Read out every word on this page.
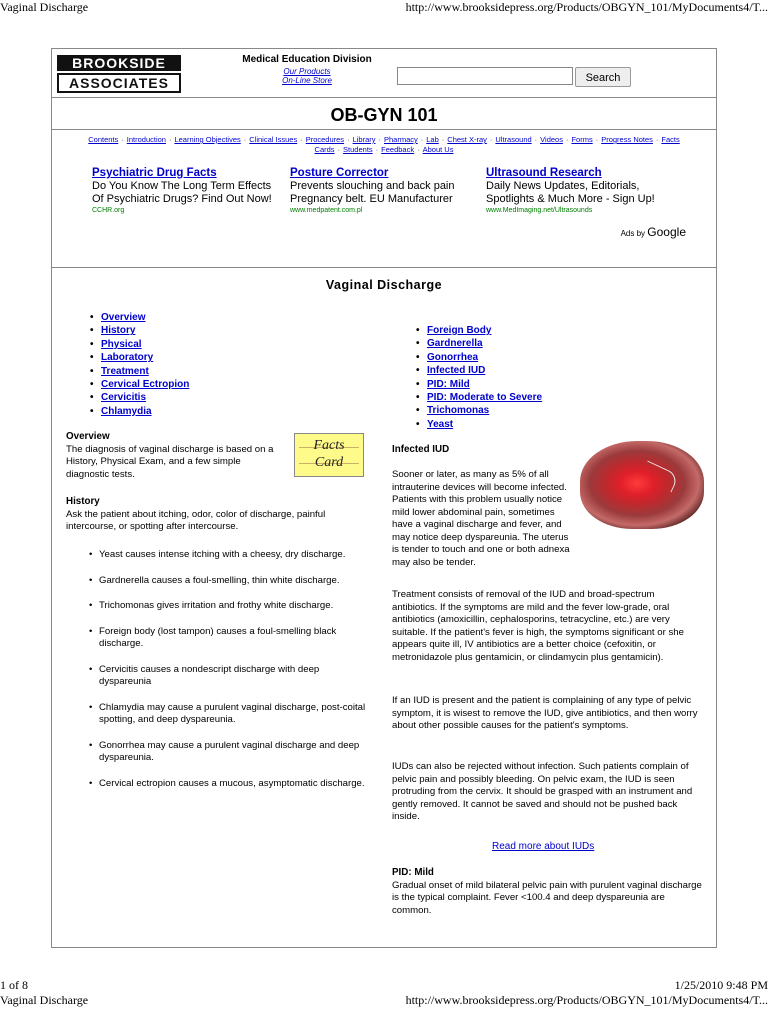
Vaginal Discharge	http://www.brooksidepress.org/Products/OBGYN_101/MyDocuments4/T...
BROOKSIDE
ASSOCIATES
Medical Education Division
Our Products
On-Line Store	Search
OB-GYN 101
Contents · Introduction · Learning Objectives · Clinical Issues · Procedures · Library · Pharmacy · Lab · Chest X-ray · Ultrasound · Videos · Forms · Progress Notes · Facts Cards · Students · Feedback · About Us
Psychiatric Drug Facts
Do You Know The Long Term Effects Of Psychiatric Drugs? Find Out Now!
CCHR.org
Posture Corrector
Prevents slouching and back pain Pregnancy belt. EU Manufacturer
www.medpatent.com.pl
Ultrasound Research
Daily News Updates, Editorials, Spotlights & Much More - Sign Up!
www.MedImaging.net/Ultrasounds
Ads by Google
Vaginal Discharge
• Overview
• History
• Physical
• Laboratory
• Treatment
• Cervical Ectropion
• Cervicitis
• Chlamydia
• Foreign Body
• Gardnerella
• Gonorrhea
• Infected IUD
• PID: Mild
• PID: Moderate to Severe
• Trichomonas
• Yeast
Overview

The diagnosis of vaginal discharge is based on a History, Physical Exam, and a few simple diagnostic tests.

Facts
Card
History

Ask the patient about itching, odor, color of discharge, painful intercourse, or spotting after intercourse.

• Yeast causes intense itching with a cheesy, dry discharge.
• Gardnerella causes a foul-smelling, thin white discharge.
• Trichomonas gives irritation and frothy white discharge.
• Foreign body (lost tampon) causes a foul-smelling black discharge.
• Cervicitis causes a nondescript discharge with deep dyspareunia
• Chlamydia may cause a purulent vaginal discharge, post-coital spotting, and deep dyspareunia.
• Gonorrhea may cause a purulent vaginal discharge and deep dyspareunia.
• Cervical ectropion causes a mucous, asymptomatic discharge.
Infected IUD

Sooner or later, as many as 5% of all intrauterine devices will become infected. Patients with this problem usually notice mild lower abdominal pain, sometimes have a vaginal discharge and fever, and may notice deep dyspareunia. The uterus is tender to touch and one or both adnexa may also be tender.

Treatment consists of removal of the IUD and broad-spectrum antibiotics. If the symptoms are mild and the fever low-grade, oral antibiotics (amoxicillin, cephalosporins, tetracycline, etc.) are very suitable. If the patient's fever is high, the symptoms significant or she appears quite ill, IV antibiotics are a better choice (cefoxitin, or metronidazole plus gentamicin, or clindamycin plus gentamicin).

If an IUD is present and the patient is complaining of any type of pelvic symptom, it is wisest to remove the IUD, give antibiotics, and then worry about other possible causes for the patient's symptoms.

IUDs can also be rejected without infection. Such patients complain of pelvic pain and possibly bleeding. On pelvic exam, the IUD is seen protruding from the cervix. It should be grasped with an instrument and gently removed. It cannot be saved and should not be pushed back inside.

Read more about IUDs
PID: Mild

Gradual onset of mild bilateral pelvic pain with purulent vaginal discharge is the typical complaint. Fever <100.4 and deep dyspareunia are common.

1 of 8	1/25/2010 9:48 PM
Vaginal Discharge	http://www.brooksidepress.org/Products/OBGYN_101/MyDocuments4/T...
